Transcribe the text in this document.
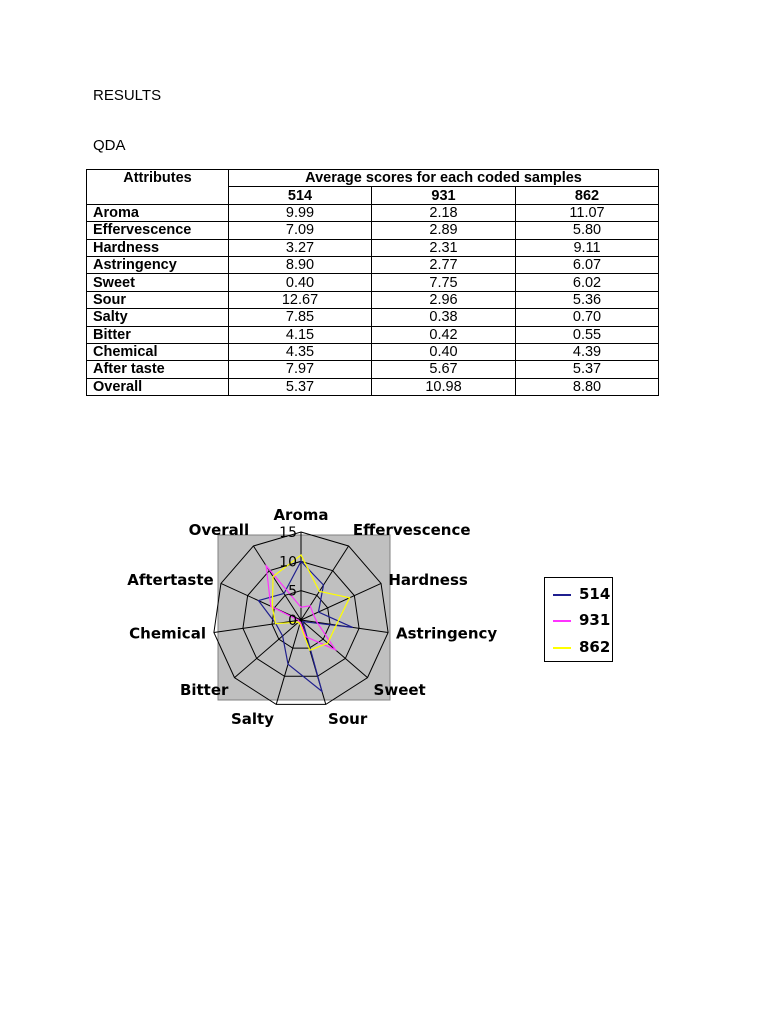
RESULTS
QDA
Attributes	Average scores for each coded samples		
	514	931	862
Aroma	9.99	2.18	11.07
Effervescence	7.09	2.89	5.80
Hardness	3.27	2.31	9.11
Astringency	8.90	2.77	6.07
Sweet	0.40	7.75	6.02
Sour	12.67	2.96	5.36
Salty	7.85	0.38	0.70
Bitter	4.15	0.42	0.55
Chemical	4.35	0.40	4.39
After taste	7.97	5.67	5.37
Overall	5.37	10.98	8.80
0
5
10
15
Aroma
Effervescence
Hardness
Astringency
Sweet
Sour
Salty
Bitter
Chemical
Aftertaste
Overall
514
931
862
